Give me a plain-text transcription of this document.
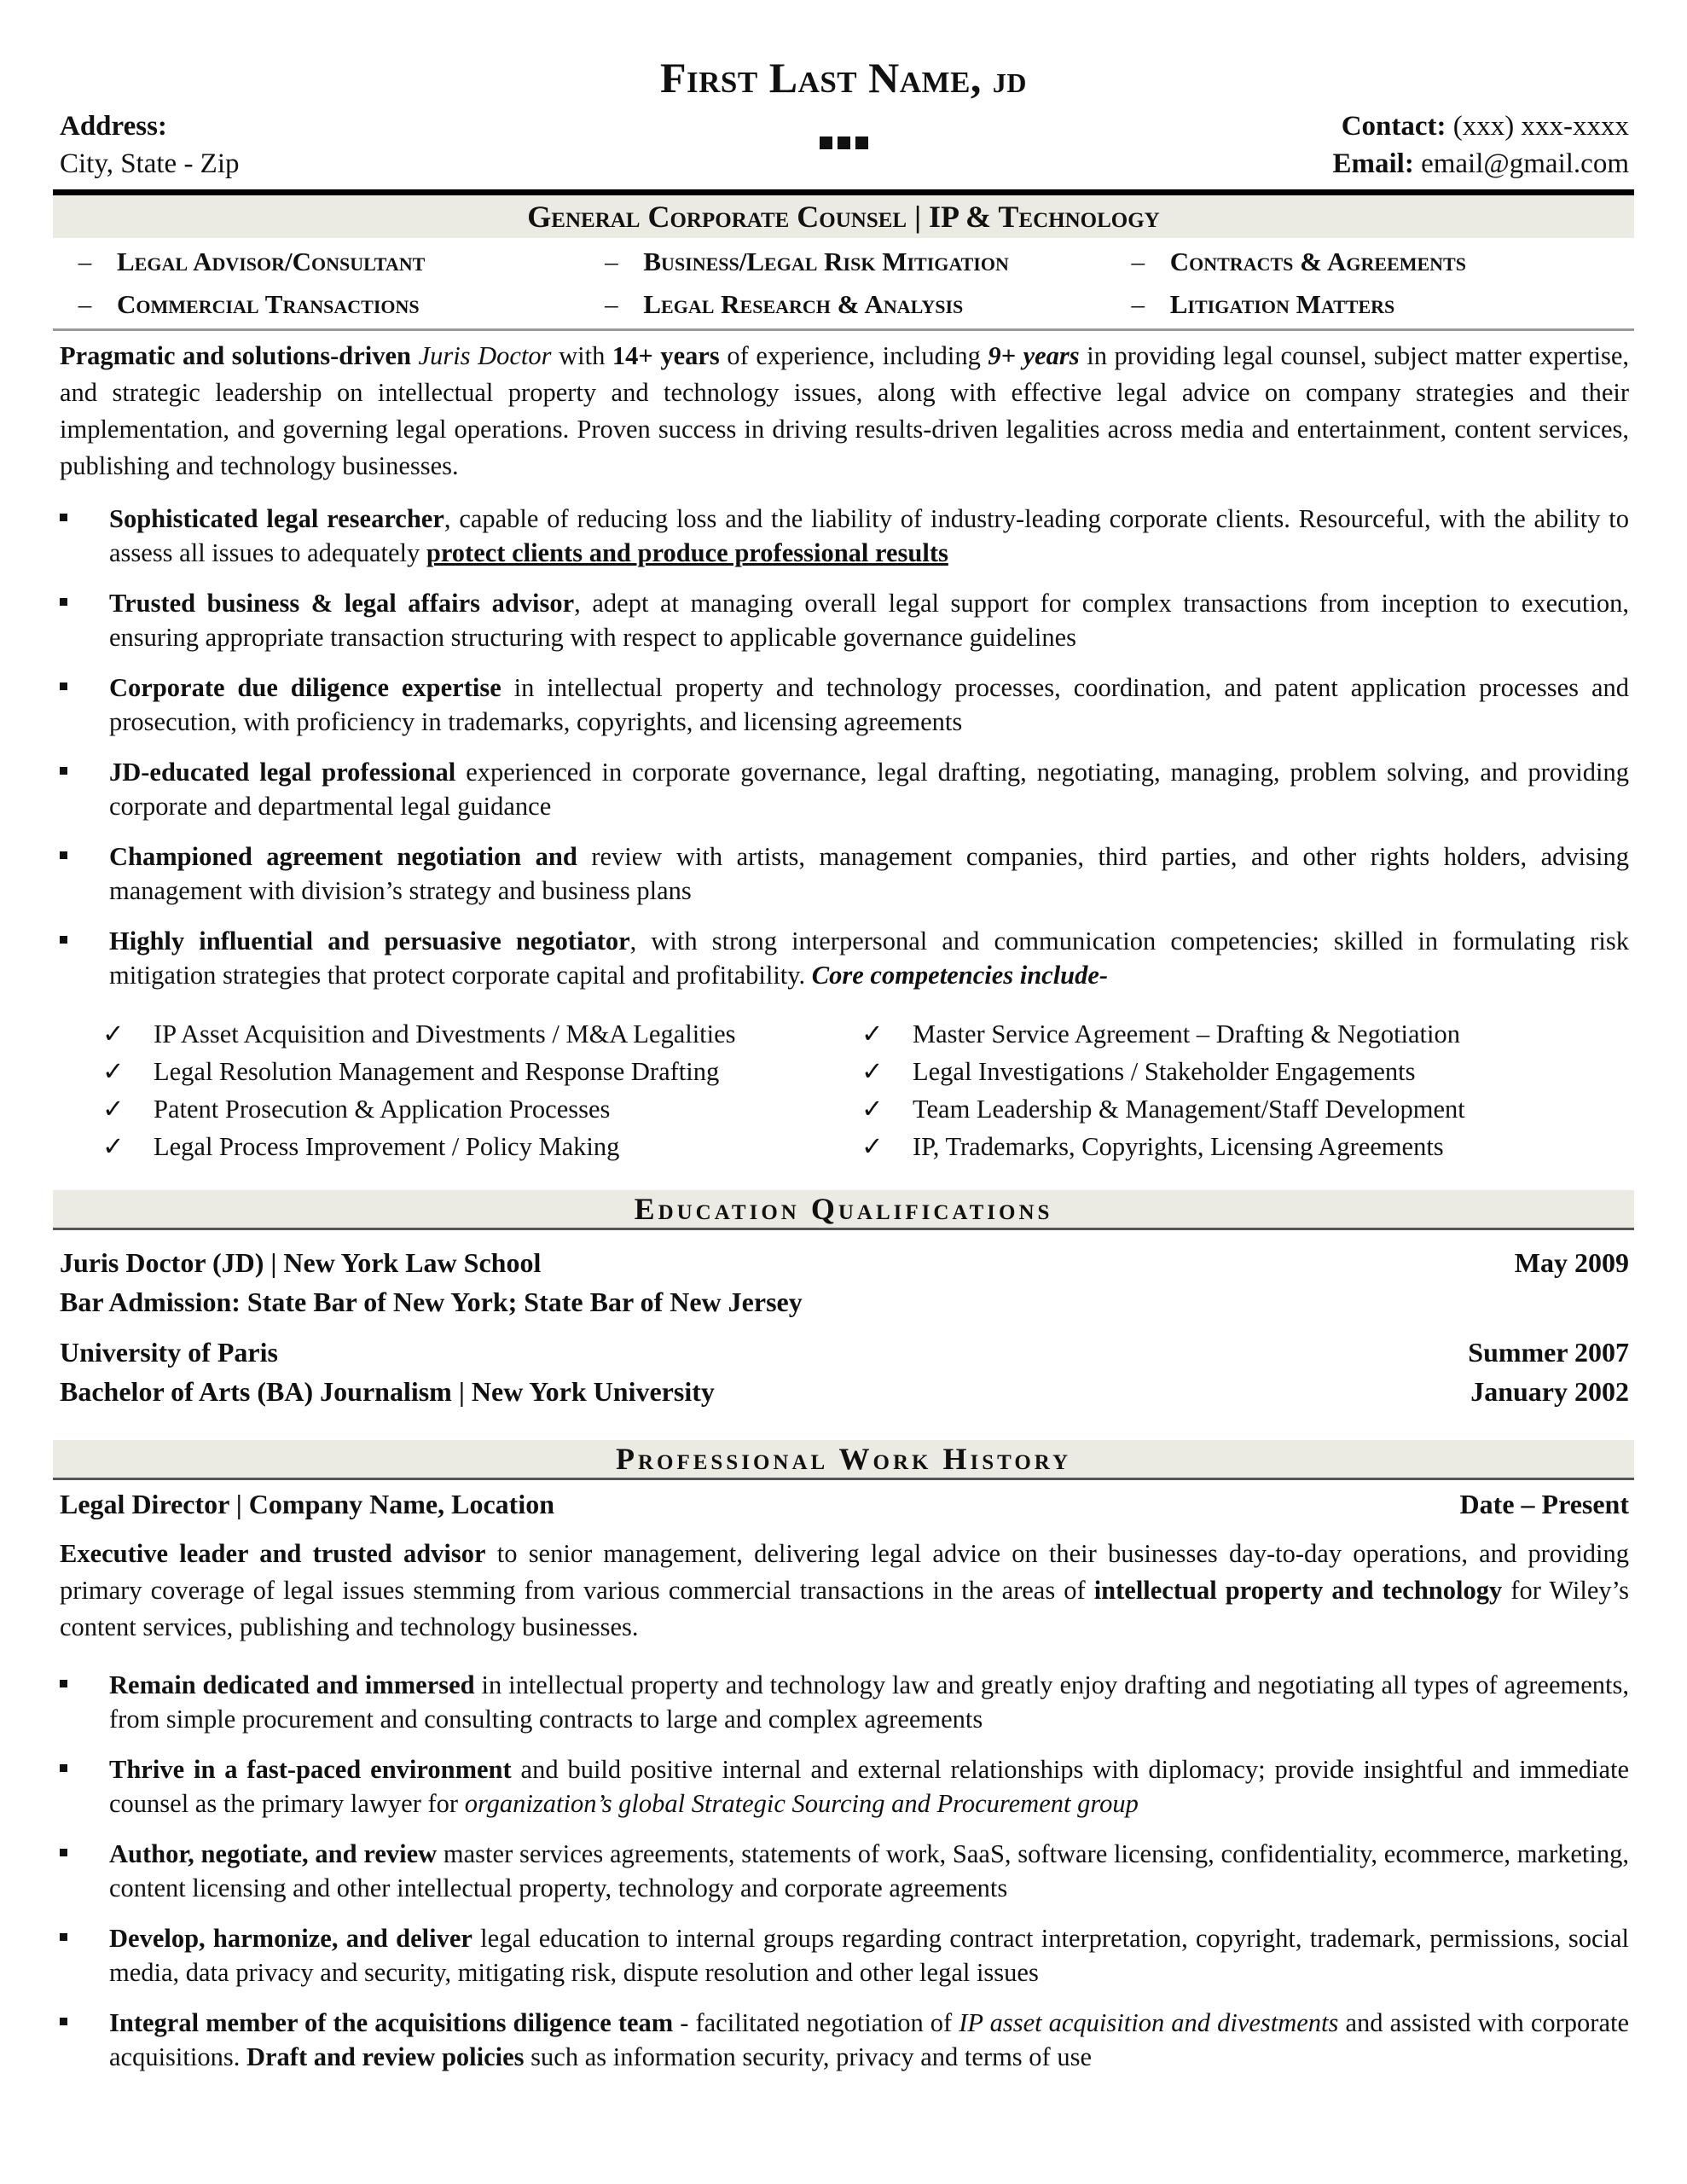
First Last Name, JD
Address:
City, State - Zip
Contact: (xxx) xxx-xxxx
Email: email@gmail.com
General Corporate Counsel | IP & Technology
– Legal Advisor/Consultant	– Business/Legal Risk Mitigation	– Contracts & Agreements
– Commercial Transactions	– Legal Research & Analysis	– Litigation Matters
Pragmatic and solutions-driven Juris Doctor with 14+ years of experience, including 9+ years in providing legal counsel, subject matter expertise, and strategic leadership on intellectual property and technology issues, along with effective legal advice on company strategies and their implementation, and governing legal operations. Proven success in driving results-driven legalities across media and entertainment, content services, publishing and technology businesses.
Sophisticated legal researcher, capable of reducing loss and the liability of industry-leading corporate clients. Resourceful, with the ability to assess all issues to adequately protect clients and produce professional results
Trusted business & legal affairs advisor, adept at managing overall legal support for complex transactions from inception to execution, ensuring appropriate transaction structuring with respect to applicable governance guidelines
Corporate due diligence expertise in intellectual property and technology processes, coordination, and patent application processes and prosecution, with proficiency in trademarks, copyrights, and licensing agreements
JD-educated legal professional experienced in corporate governance, legal drafting, negotiating, managing, problem solving, and providing corporate and departmental legal guidance
Championed agreement negotiation and review with artists, management companies, third parties, and other rights holders, advising management with division’s strategy and business plans
Highly influential and persuasive negotiator, with strong interpersonal and communication competencies; skilled in formulating risk mitigation strategies that protect corporate capital and profitability. Core competencies include-
✓	IP Asset Acquisition and Divestments / M&A Legalities
✓	Legal Resolution Management and Response Drafting
✓	Patent Prosecution & Application Processes
✓	Legal Process Improvement / Policy Making
✓	Master Service Agreement – Drafting & Negotiation
✓	Legal Investigations / Stakeholder Engagements
✓	Team Leadership & Management/Staff Development
✓	IP, Trademarks, Copyrights, Licensing Agreements
Education Qualifications
Juris Doctor (JD) | New York Law School	May 2009
Bar Admission: State Bar of New York; State Bar of New Jersey
University of Paris	Summer 2007
Bachelor of Arts (BA) Journalism | New York University	January 2002
Professional Work History
Legal Director | Company Name, Location	Date – Present
Executive leader and trusted advisor to senior management, delivering legal advice on their businesses day-to-day operations, and providing primary coverage of legal issues stemming from various commercial transactions in the areas of intellectual property and technology for Wiley’s content services, publishing and technology businesses.
Remain dedicated and immersed in intellectual property and technology law and greatly enjoy drafting and negotiating all types of agreements, from simple procurement and consulting contracts to large and complex agreements
Thrive in a fast-paced environment and build positive internal and external relationships with diplomacy; provide insightful and immediate counsel as the primary lawyer for organization’s global Strategic Sourcing and Procurement group
Author, negotiate, and review master services agreements, statements of work, SaaS, software licensing, confidentiality, ecommerce, marketing, content licensing and other intellectual property, technology and corporate agreements
Develop, harmonize, and deliver legal education to internal groups regarding contract interpretation, copyright, trademark, permissions, social media, data privacy and security, mitigating risk, dispute resolution and other legal issues
Integral member of the acquisitions diligence team - facilitated negotiation of IP asset acquisition and divestments and assisted with corporate acquisitions. Draft and review policies such as information security, privacy and terms of use
